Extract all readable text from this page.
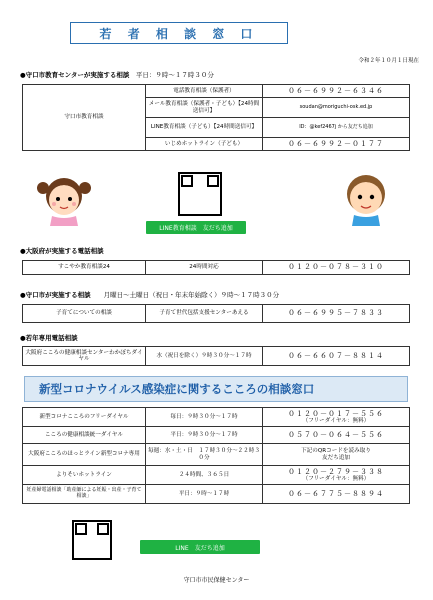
若 者 相 談 窓 口
令和２年１０月１日現在
●守口市教育センターが実施する相談　 平日：９時～１７時３０分
守口市教育相談	電話教育相談（保護者）	０６－６９９２－６３４６
	メール教育相談（保護者・子ども）【24時間送信可】	soudan@moriguchi-osk.ed.jp
	LINE教育相談（子ども）【24時間送信可】	ID：@kef2467j から友だち追加
	いじめホットライン（子ども）	０６－６９９２－０１７７
LINE教育相談　友だち追加
●大阪府が実施する電話相談
すこやか教育相談24	24時間対応	０１２０－０７８－３１０
●守口市が実施する相談　　 月曜日～土曜日（祝日・年末年始除く）９時～１７時３０分
子育てについての相談	子育て世代包括支援センターあえる	０６－６９９５－７８３３
●若年専用電話相談
大阪府こころの健康相談センターわかぼちダイヤル	水（祝日を除く）９時３０分～１７時	０６－６６０７－８８１４
新型コロナウイルス感染症に関するこころの相談窓口
新型コロナこころのフリーダイヤル	毎日：９時３０分～１７時	０１２０－０１７－５５６
（フリーダイヤル：無料）

こころの健康相談統一ダイヤル	平日：９時３０分～１７時	０５７０－０６４－５５６
大阪府こころのほっとライン新型コロナ専用	毎週：水・土・日　１７時３０分～２２時３０分	下記のQRコードを読み取り
友だち追加

よりそいホットライン	２４時間、３６５日	０１２０－２７９－３３８
（フリーダイヤル：無料）

妊産婦電話相談「助産師による妊娠・出産・子育て相談」	平日：９時～１７時	０６－６７７５－８８９４
LINE　友だち追加
守口市市民保健センター
